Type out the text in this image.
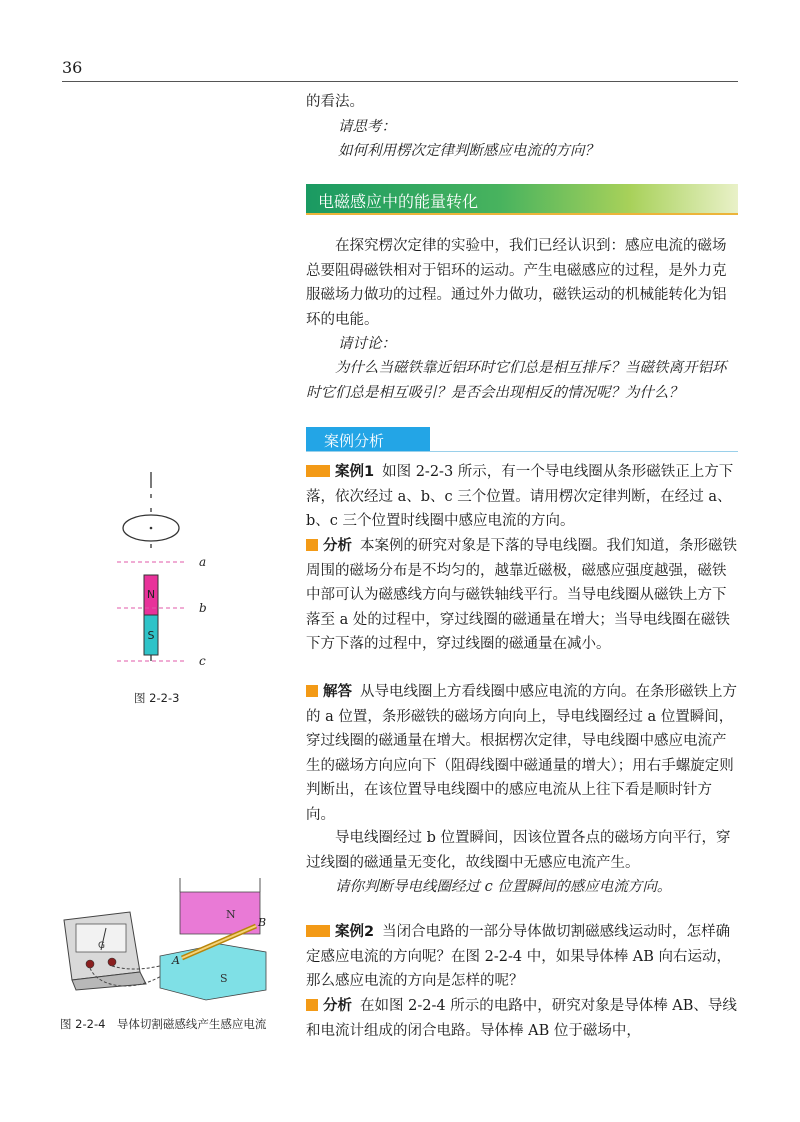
36
的看法。
请思考：
如何利用楞次定律判断感应电流的方向？
电磁感应中的能量转化
在探究楞次定律的实验中，我们已经认识到：感应电流的磁场总要阻碍磁铁相对于铝环的运动。产生电磁感应的过程，是外力克服磁场力做功的过程。通过外力做功，磁铁运动的机械能转化为铝环的电能。
请讨论：
为什么当磁铁靠近铝环时它们总是相互排斥？当磁铁离开铝环时它们总是相互吸引？是否会出现相反的情况呢？为什么？
案例分析
案例1 如图 2-2-3 所示，有一个导电线圈从条形磁铁正上方下落，依次经过 a、b、c 三个位置。请用楞次定律判断，在经过 a、b、c 三个位置时线圈中感应电流的方向。
分析 本案例的研究对象是下落的导电线圈。我们知道，条形磁铁周围的磁场分布是不均匀的，越靠近磁极，磁感应强度越强，磁铁中部可认为磁感线方向与磁铁轴线平行。当导电线圈从磁铁上方下落至 a 处的过程中，穿过线圈的磁通量在增大；当导电线圈在磁铁下方下落的过程中，穿过线圈的磁通量在减小。
解答 从导电线圈上方看线圈中感应电流的方向。在条形磁铁上方的 a 位置，条形磁铁的磁场方向向上，导电线圈经过 a 位置瞬间，穿过线圈的磁通量在增大。根据楞次定律，导电线圈中感应电流产生的磁场方向应向下（阻碍线圈中磁通量的增大）；用右手螺旋定则判断出，在该位置导电线圈中的感应电流从上往下看是顺时针方向。
导电线圈经过 b 位置瞬间，因该位置各点的磁场方向平行，穿过线圈的磁通量无变化，故线圈中无感应电流产生。
请你判断导电线圈经过 c 位置瞬间的感应电流方向。
案例2 当闭合电路的一部分导体做切割磁感线运动时，怎样确定感应电流的方向呢？在图 2-2-4 中，如果导体棒 AB 向右运动，那么感应电流的方向是怎样的呢？
分析 在如图 2-2-4 所示的电路中，研究对象是导体棒 AB、导线和电流计组成的闭合电路。导体棒 AB 位于磁场中，
N
S
a
b
c
图 2-2-3
G
N
S
A
B
图 2-2-4　导体切割磁感线产生感应电流
